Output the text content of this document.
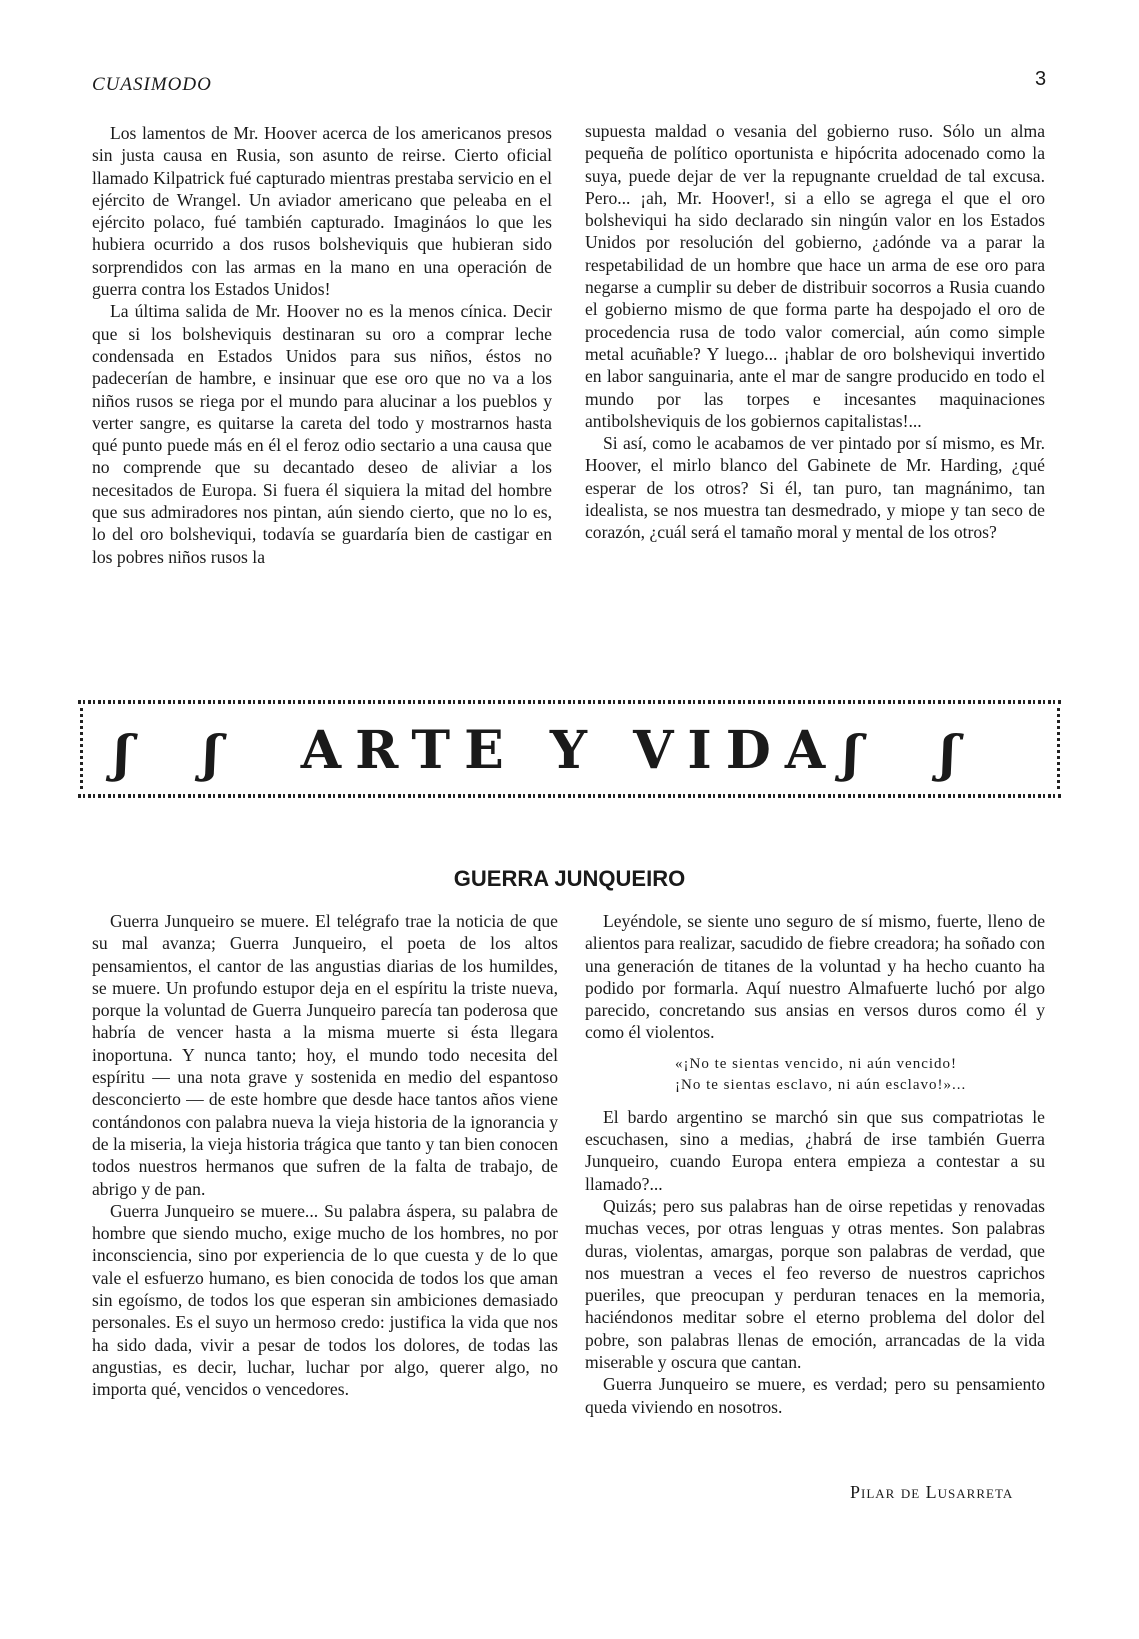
CUASIMODO	3

Los lamentos de Mr. Hoover acerca de los americanos presos sin justa causa en Rusia, son asunto de reirse. Cierto oficial llamado Kilpatrick fué capturado mientras prestaba servicio en el ejército de Wrangel. Un aviador americano que peleaba en el ejército polaco, fué también capturado. Imagináos lo que les hubiera ocurrido a dos rusos bolsheviquis que hubieran sido sorprendidos con las armas en la mano en una operación de guerra contra los Estados Unidos!

La última salida de Mr. Hoover no es la menos cínica. Decir que si los bolsheviquis destinaran su oro a comprar leche condensada en Estados Unidos para sus niños, éstos no padecerían de hambre, e insinuar que ese oro que no va a los niños rusos se riega por el mundo para alucinar a los pueblos y verter sangre, es quitarse la careta del todo y mostrarnos hasta qué punto puede más en él el feroz odio sectario a una causa que no comprende que su decantado deseo de aliviar a los necesitados de Europa. Si fuera él siquiera la mitad del hombre que sus admiradores nos pintan, aún siendo cierto, que no lo es, lo del oro bolsheviqui, todavía se guardaría bien de castigar en los pobres niños rusos la

supuesta maldad o vesania del gobierno ruso. Sólo un alma pequeña de político oportunista e hipócrita adocenado como la suya, puede dejar de ver la repugnante crueldad de tal excusa. Pero... ¡ah, Mr. Hoover!, si a ello se agrega el que el oro bolsheviqui ha sido declarado sin ningún valor en los Estados Unidos por resolución del gobierno, ¿adónde va a parar la respetabilidad de un hombre que hace un arma de ese oro para negarse a cumplir su deber de distribuir socorros a Rusia cuando el gobierno mismo de que forma parte ha despojado el oro de procedencia rusa de todo valor comercial, aún como simple metal acuñable? Y luego... ¡hablar de oro bolsheviqui invertido en labor sanguinaria, ante el mar de sangre producido en todo el mundo por las torpes e incesantes maquinaciones antibolsheviquis de los gobiernos capitalistas!...

Si así, como le acabamos de ver pintado por sí mismo, es Mr. Hoover, el mirlo blanco del Gabinete de Mr. Harding, ¿qué esperar de los otros? Si él, tan puro, tan magnánimo, tan idealista, se nos muestra tan desmedrado, y miope y tan seco de corazón, ¿cuál será el tamaño moral y mental de los otros?

ʃ ʃ	ARTE Y VIDA ʃ ʃ
GUERRA JUNQUEIRO

Guerra Junqueiro se muere. El telégrafo trae la noticia de que su mal avanza; Guerra Junqueiro, el poeta de los altos pensamientos, el cantor de las angustias diarias de los humildes, se muere. Un profundo estupor deja en el espíritu la triste nueva, porque la voluntad de Guerra Junqueiro parecía tan poderosa que habría de vencer hasta a la misma muerte si ésta llegara inoportuna. Y nunca tanto; hoy, el mundo todo necesita del espíritu — una nota grave y sostenida en medio del espantoso desconcierto — de este hombre que desde hace tantos años viene contándonos con palabra nueva la vieja historia de la ignorancia y de la miseria, la vieja historia trágica que tanto y tan bien conocen todos nuestros hermanos que sufren de la falta de trabajo, de abrigo y de pan.

Guerra Junqueiro se muere... Su palabra áspera, su palabra de hombre que siendo mucho, exige mucho de los hombres, no por inconsciencia, sino por experiencia de lo que cuesta y de lo que vale el esfuerzo humano, es bien conocida de todos los que aman sin egoísmo, de todos los que esperan sin ambiciones demasiado personales. Es el suyo un hermoso credo: justifica la vida que nos ha sido dada, vivir a pesar de todos los dolores, de todas las angustias, es decir, luchar, luchar por algo, querer algo, no importa qué, vencidos o vencedores.

Leyéndole, se siente uno seguro de sí mismo, fuerte, lleno de alientos para realizar, sacudido de fiebre creadora; ha soñado con una generación de titanes de la voluntad y ha hecho cuanto ha podido por formarla. Aquí nuestro Almafuerte luchó por algo parecido, concretando sus ansias en versos duros como él y como él violentos.

«¡No te sientas vencido, ni aún vencido!
¡No te sientas esclavo, ni aún esclavo!»...

El bardo argentino se marchó sin que sus compatriotas le escuchasen, sino a medias, ¿habrá de irse también Guerra Junqueiro, cuando Europa entera empieza a contestar a su llamado?...

Quizás; pero sus palabras han de oirse repetidas y renovadas muchas veces, por otras lenguas y otras mentes. Son palabras duras, violentas, amargas, porque son palabras de verdad, que nos muestran a veces el feo reverso de nuestros caprichos pueriles, que preocupan y perduran tenaces en la memoria, haciéndonos meditar sobre el eterno problema del dolor del pobre, son palabras llenas de emoción, arrancadas de la vida miserable y oscura que cantan.

Guerra Junqueiro se muere, es verdad; pero su pensamiento queda viviendo en nosotros.

Pilar de Lusarreta
